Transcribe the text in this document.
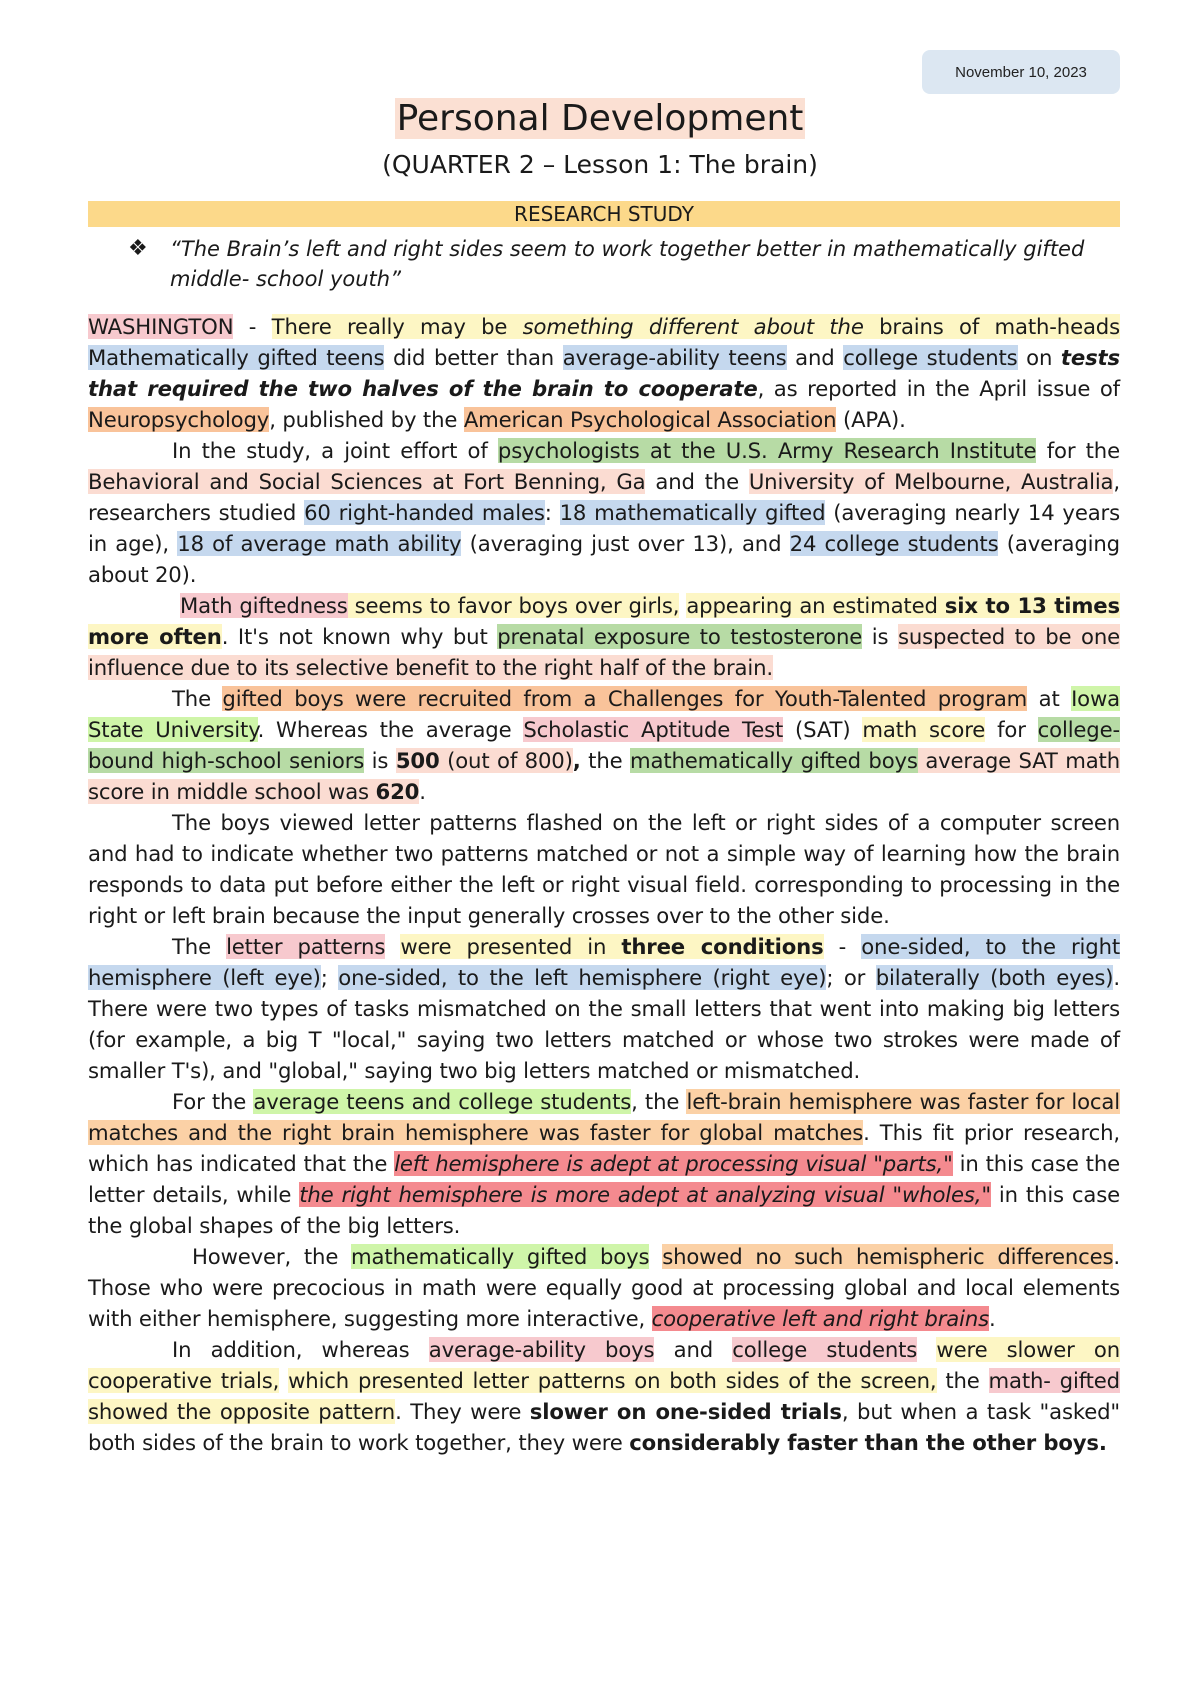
November 10, 2023
Personal Development
(QUARTER 2 – Lesson 1: The brain)
RESEARCH STUDY
❖ “The Brain’s left and right sides seem to work together better in mathematically gifted middle- school youth”

WASHINGTON - There really may be something different about the brains of math-heads Mathematically gifted teens did better than average-ability teens and college students on tests that required the two halves of the brain to cooperate, as reported in the April issue of Neuropsychology, published by the American Psychological Association (APA).

In the study, a joint effort of psychologists at the U.S. Army Research Institute for the Behavioral and Social Sciences at Fort Benning, Ga and the University of Melbourne, Australia, researchers studied 60 right-handed males: 18 mathematically gifted (averaging nearly 14 years in age), 18 of average math ability (averaging just over 13), and 24 college students (averaging about 20).

Math giftedness seems to favor boys over girls, appearing an estimated six to 13 times more often. It's not known why but prenatal exposure to testosterone is suspected to be one influence due to its selective benefit to the right half of the brain.

The gifted boys were recruited from a Challenges for Youth-Talented program at Iowa State University. Whereas the average Scholastic Aptitude Test (SAT) math score for college-bound high-school seniors is 500 (out of 800), the mathematically gifted boys average SAT math score in middle school was 620.

The boys viewed letter patterns flashed on the left or right sides of a computer screen and had to indicate whether two patterns matched or not a simple way of learning how the brain responds to data put before either the left or right visual field. corresponding to processing in the right or left brain because the input generally crosses over to the other side.

The letter patterns were presented in three conditions - one-sided, to the right hemisphere (left eye); one-sided, to the left hemisphere (right eye); or bilaterally (both eyes). There were two types of tasks mismatched on the small letters that went into making big letters (for example, a big T "local," saying two letters matched or whose two strokes were made of smaller T's), and "global," saying two big letters matched or mismatched.

For the average teens and college students, the left-brain hemisphere was faster for local matches and the right brain hemisphere was faster for global matches. This fit prior research, which has indicated that the left hemisphere is adept at processing visual "parts," in this case the letter details, while the right hemisphere is more adept at analyzing visual "wholes," in this case the global shapes of the big letters.

However, the mathematically gifted boys showed no such hemispheric differences. Those who were precocious in math were equally good at processing global and local elements with either hemisphere, suggesting more interactive, cooperative left and right brains.

In addition, whereas average-ability boys and college students were slower on cooperative trials, which presented letter patterns on both sides of the screen, the math- gifted showed the opposite pattern. They were slower on one-sided trials, but when a task "asked" both sides of the brain to work together, they were considerably faster than the other boys.
